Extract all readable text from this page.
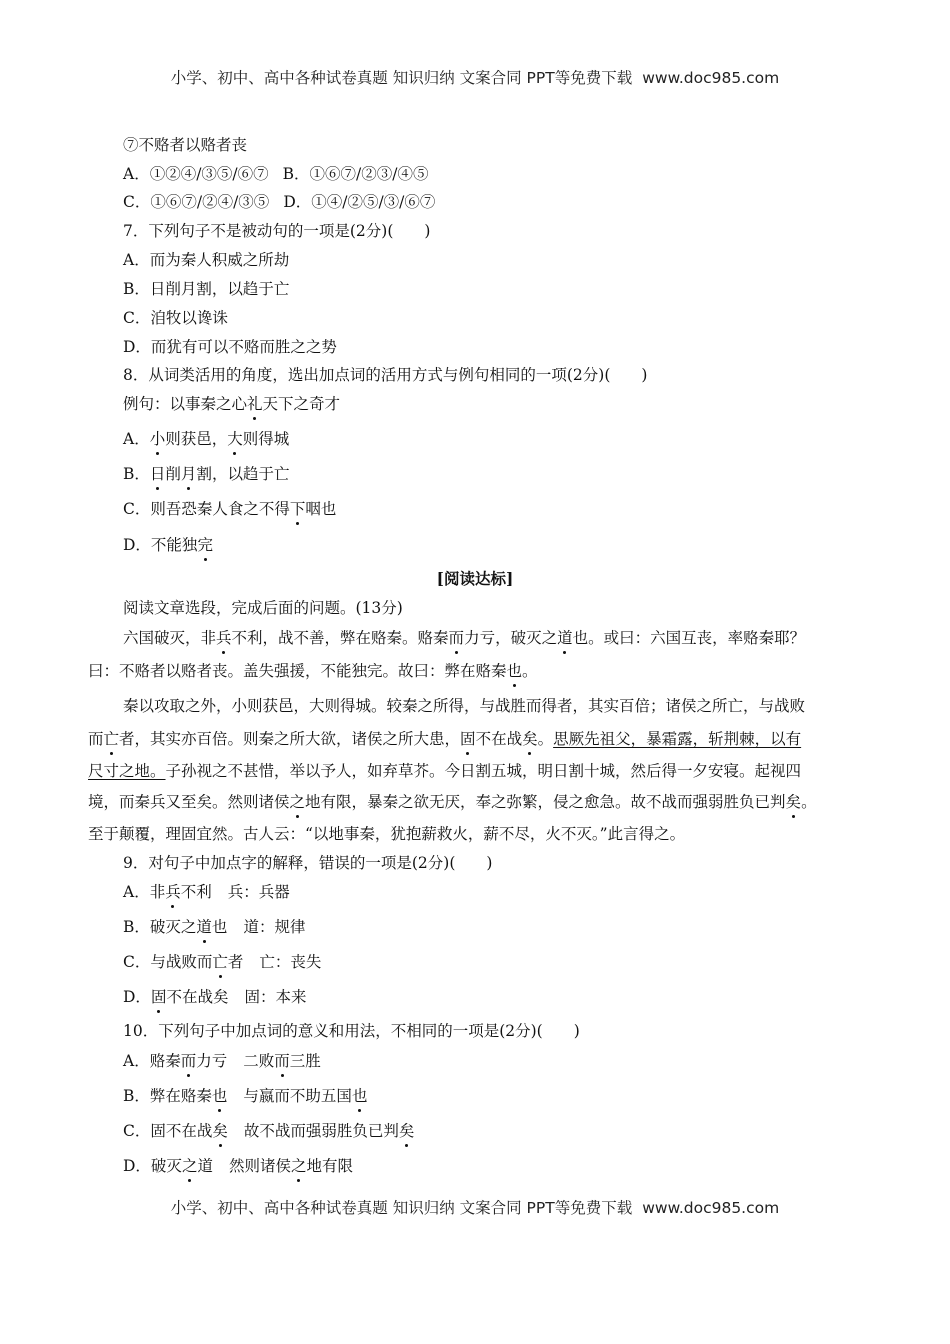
小学、初中、高中各种试卷真题 知识归纳 文案合同 PPT等免费下载 www.doc985.com
⑦不赂者以赂者丧
A．①②④/③⑤/⑥⑦ B．①⑥⑦/②③/④⑤
C．①⑥⑦/②④/③⑤ D．①④/②⑤/③/⑥⑦
7．下列句子不是被动句的一项是(2分)(　　)
A．而为秦人积威之所劫
B．日削月割，以趋于亡
C．洎牧以谗诛
D．而犹有可以不赂而胜之之势
8．从词类活用的角度，选出加点词的活用方式与例句相同的一项(2分)(　　)
例句：以事秦之心礼天下之奇才
A．小则获邑，大则得城
B．日削月割，以趋于亡
C．则吾恐秦人食之不得下咽也
D．不能独完
[阅读达标]
阅读文章选段，完成后面的问题。(13分)
六国破灭，非兵不利，战不善，弊在赂秦。赂秦而力亏，破灭之道也。或曰：六国互丧，率赂秦耶？
曰：不赂者以赂者丧。盖失强援，不能独完。故曰：弊在赂秦也。
秦以攻取之外，小则获邑，大则得城。较秦之所得，与战胜而得者，其实百倍；诸侯之所亡，与战败
而亡者，其实亦百倍。则秦之所大欲，诸侯之所大患，固不在战矣。思厥先祖父，暴霜露，斩荆棘，以有
尺寸之地。子孙视之不甚惜，举以予人，如弃草芥。今日割五城，明日割十城，然后得一夕安寝。起视四
境，而秦兵又至矣。然则诸侯之地有限，暴秦之欲无厌，奉之弥繁，侵之愈急。故不战而强弱胜负已判矣。
至于颠覆，理固宜然。古人云：“以地事秦，犹抱薪救火，薪不尽，火不灭。”此言得之。
9．对句子中加点字的解释，错误的一项是(2分)(　　)
A．非兵不利 兵：兵器
B．破灭之道也 道：规律
C．与战败而亡者 亡：丧失
D．固不在战矣 固：本来
10．下列句子中加点词的意义和用法，不相同的一项是(2分)(　　)
A．赂秦而力亏 二败而三胜
B．弊在赂秦也 与嬴而不助五国也
C．固不在战矣 故不战而强弱胜负已判矣
D．破灭之道 然则诸侯之地有限
小学、初中、高中各种试卷真题 知识归纳 文案合同 PPT等免费下载 www.doc985.com
